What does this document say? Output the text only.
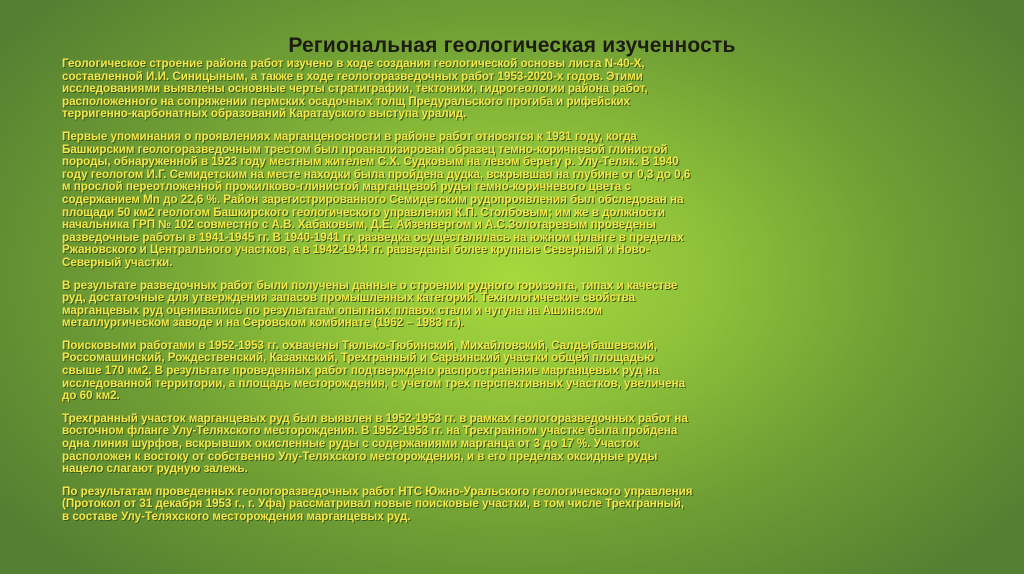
Региональная геологическая изученность

Геологическое строение района работ изучено в ходе создания геологической основы листа N-40-X,
составленной И.И. Синицыным, а также в ходе геологоразведочных работ 1953-2020-х годов. Этими
исследованиями выявлены основные черты стратиграфии, тектоники, гидрогеологии района работ,
расположенного на сопряжении пермских осадочных толщ Предуральского прогиба и рифейских
терригенно-карбонатных образований Каратауского выступа уралид.

Первые упоминания о проявлениях марганценосности в районе работ относятся к 1931 году, когда
Башкирским геологоразведочным трестом был проанализирован образец темно-коричневой глинистой
породы, обнаруженной в 1923 году местным жителем С.Х. Судковым на левом берегу р. Улу-Теляк. В 1940
году геологом И.Г. Семидетским на месте находки была пройдена дудка, вскрывшая на глубине от 0,3 до 0,6
м прослой переотложенной прожилково-глинистой марганцевой руды темно-коричневого цвета с
содержанием Mn до 22,6 %. Район зарегистрированного Семидетским рудопроявления был обследован на
площади 50 км2 геологом Башкирского геологического управления К.П. Столбовым; им же в должности
начальника ГРП № 102 совместно с А.В. Хабаковым, Д.Е. Айзенвергом и А.С.Золотаревым проведены
разведочные работы в 1941-1945 гг. В 1940-1941 гг. разведка осуществлялась на южном фланге в пределах
Ржановского и Центрального участков, а в 1942-1944 гг. разведаны более крупные Северный и Ново-
Северный участки.

В результате разведочных работ были получены данные о строении рудного горизонта, типах и качестве
руд, достаточные для утверждения запасов промышленных категорий. Технологические свойства
марганцевых руд оценивались по результатам опытных плавок стали и чугуна на Ашинском
металлургическом заводе и на Серовском комбинате (1962 – 1983 гг.).

Поисковыми работами в 1952-1953 гг. охвачены Тюлько-Тюбинский, Михайловский, Салдыбашевский,
Россомашинский, Рождественский, Казаякский, Трехгранный и Сарвинский участки общей площадью
свыше 170 км2. В результате проведенных работ подтверждено распространение марганцевых руд на
исследованной территории, а площадь месторождения, с учетом трех перспективных участков, увеличена
до 60 км2.

Трехгранный участок марганцевых руд был выявлен в 1952-1953 гг. в рамках геологоразведочных работ на
восточном фланге Улу-Теляхского месторождения. В 1952-1953 гг. на Трехгранном участке была пройдена
одна линия шурфов, вскрывших окисленные руды с содержаниями марганца от 3 до 17 %. Участок
расположен к востоку от собственно Улу-Теляхского месторождения, и в его пределах оксидные руды
нацело слагают рудную залежь.

По результатам проведенных геологоразведочных работ НТС Южно-Уральского геологического управления
(Протокол от 31 декабря 1953 г., г. Уфа) рассматривал новые поисковые участки, в том числе Трехгранный,
в составе Улу-Теляхского месторождения марганцевых руд.
